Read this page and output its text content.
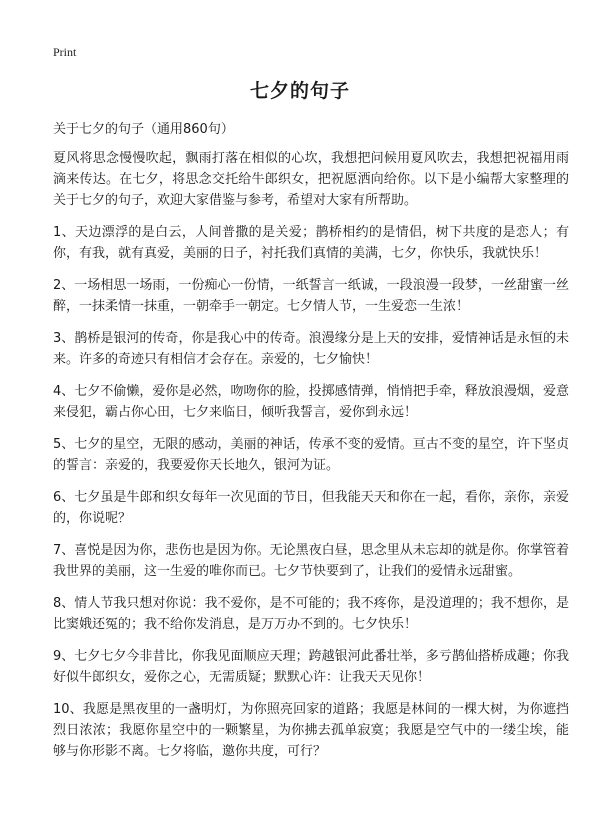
Print
七夕的句子

关于七夕的句子（通用860句）

夏风将思念慢慢吹起，飘雨打落在相似的心坎，我想把问候用夏风吹去，我想把祝福用雨滴来传达。在七夕，将思念交托给牛郎织女，把祝愿洒向给你。以下是小编帮大家整理的关于七夕的句子，欢迎大家借鉴与参考，希望对大家有所帮助。

1、天边漂浮的是白云，人间普撒的是关爱；鹊桥相约的是情侣，树下共度的是恋人；有你，有我，就有真爱，美丽的日子，衬托我们真情的美满，七夕，你快乐，我就快乐！

2、一场相思一场雨，一份痴心一份情，一纸誓言一纸诚，一段浪漫一段梦，一丝甜蜜一丝醉，一抹柔情一抹重，一朝牵手一朝定。七夕情人节，一生爱恋一生浓！

3、鹊桥是银河的传奇，你是我心中的传奇。浪漫缘分是上天的安排，爱情神话是永恒的未来。许多的奇迹只有相信才会存在。亲爱的，七夕愉快！

4、七夕不偷懒，爱你是必然，吻吻你的脸，投掷感情弹，悄悄把手牵，释放浪漫烟，爱意来侵犯，霸占你心田，七夕来临日，倾听我誓言，爱你到永远！

5、七夕的星空，无限的感动，美丽的神话，传承不变的爱情。亘古不变的星空，许下坚贞的誓言：亲爱的，我要爱你天长地久，银河为证。

6、七夕虽是牛郎和织女每年一次见面的节日，但我能天天和你在一起，看你，亲你，亲爱的，你说呢？

7、喜悦是因为你，悲伤也是因为你。无论黑夜白昼，思念里从未忘却的就是你。你掌管着我世界的美丽，这一生爱的唯你而已。七夕节快要到了，让我们的爱情永远甜蜜。

8、情人节我只想对你说：我不爱你，是不可能的；我不疼你，是没道理的；我不想你，是比窦娥还冤的；我不给你发消息，是万万办不到的。七夕快乐！

9、七夕七夕今非昔比，你我见面顺应天理；跨越银河此番壮举，多亏鹊仙搭桥成趣；你我好似牛郎织女，爱你之心，无需质疑；默默心许：让我天天见你！

10、我愿是黑夜里的一盏明灯，为你照亮回家的道路；我愿是林间的一棵大树，为你遮挡烈日浓浓；我愿你星空中的一颗繁星，为你拂去孤单寂寞；我愿是空气中的一缕尘埃，能够与你形影不离。七夕将临，邀你共度，可行？
